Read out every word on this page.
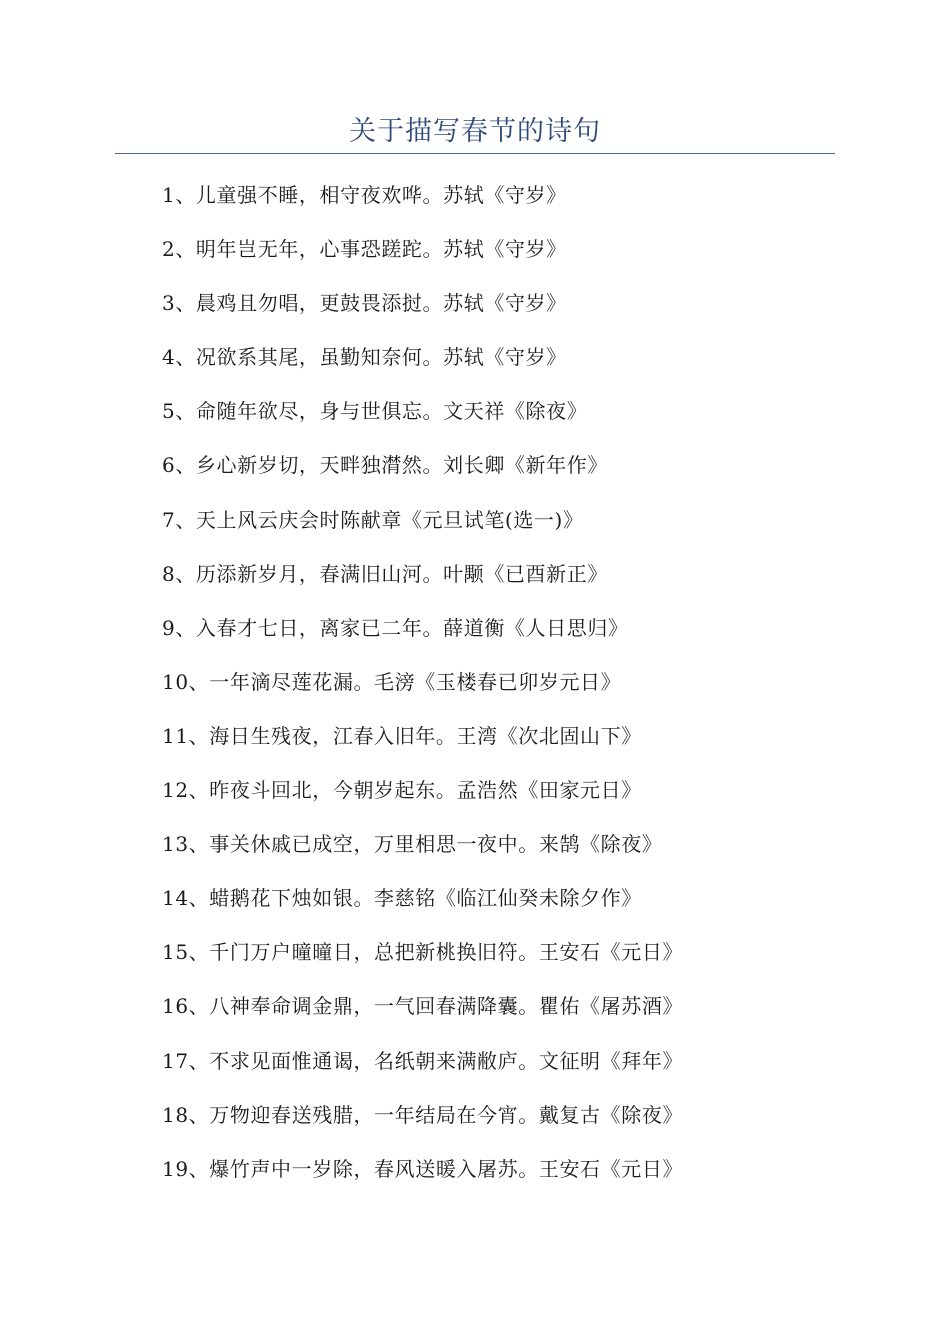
关于描写春节的诗句
1、儿童强不睡，相守夜欢哗。苏轼《守岁》
2、明年岂无年，心事恐蹉跎。苏轼《守岁》
3、晨鸡且勿唱，更鼓畏添挝。苏轼《守岁》
4、况欲系其尾，虽勤知奈何。苏轼《守岁》
5、命随年欲尽，身与世俱忘。文天祥《除夜》
6、乡心新岁切，天畔独潸然。刘长卿《新年作》
7、天上风云庆会时陈献章《元旦试笔(选一)》
8、历添新岁月，春满旧山河。叶颙《已酉新正》
9、入春才七日，离家已二年。薛道衡《人日思归》
10、一年滴尽莲花漏。毛滂《玉楼春已卯岁元日》
11、海日生残夜，江春入旧年。王湾《次北固山下》
12、昨夜斗回北，今朝岁起东。孟浩然《田家元日》
13、事关休戚已成空，万里相思一夜中。来鹄《除夜》
14、蜡鹅花下烛如银。李慈铭《临江仙癸未除夕作》
15、千门万户曈曈日，总把新桃换旧符。王安石《元日》
16、八神奉命调金鼎，一气回春满降囊。瞿佑《屠苏酒》
17、不求见面惟通谒，名纸朝来满敝庐。文征明《拜年》
18、万物迎春送残腊，一年结局在今宵。戴复古《除夜》
19、爆竹声中一岁除，春风送暖入屠苏。王安石《元日》
